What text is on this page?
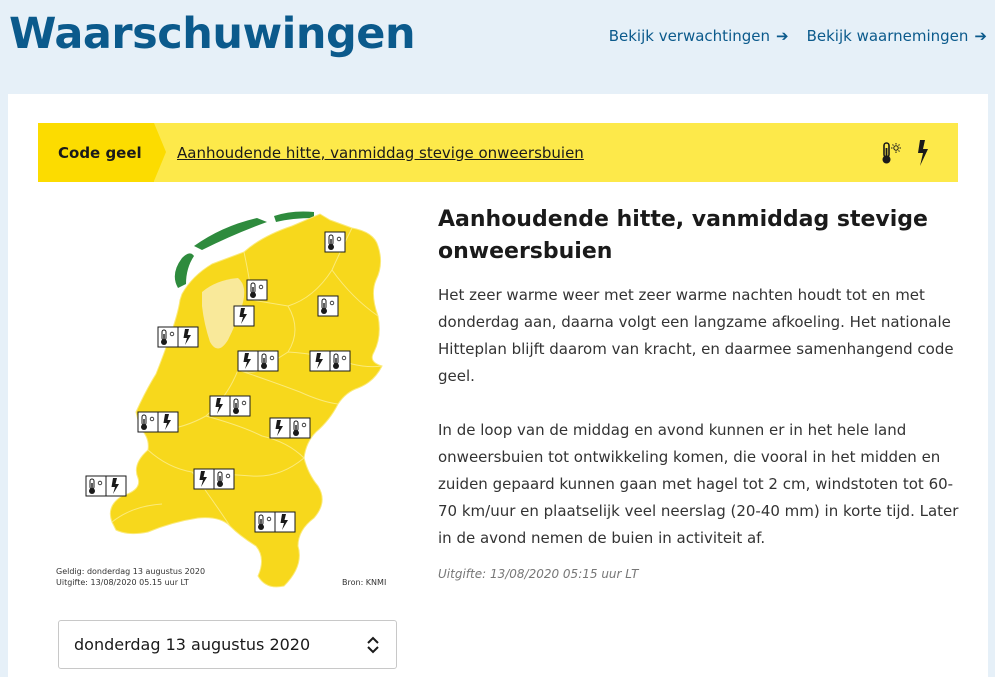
Waarschuwingen	Bekijk verwachtingen ➔ Bekijk waarnemingen ➔
Code geel	Aanhoudende hitte, vanmiddag stevige onweersbuien
Geldig: donderdag 13 augustus 2020
Uitgifte: 13/08/2020 05.15 uur LT	Bron: KNMI
donderdag 13 augustus 2020
Aanhoudende hitte, vanmiddag stevige onweersbuien

Het zeer warme weer met zeer warme nachten houdt tot en met donderdag aan, daarna volgt een langzame afkoeling. Het nationale Hitteplan blijft daarom van kracht, en daarmee samenhangend code geel.

In de loop van de middag en avond kunnen er in het hele land onweersbuien tot ontwikkeling komen, die vooral in het midden en zuiden gepaard kunnen gaan met hagel tot 2 cm, windstoten tot 60-70 km/uur en plaatselijk veel neerslag (20-40 mm) in korte tijd. Later in de avond nemen de buien in activiteit af.

Uitgifte: 13/08/2020 05:15 uur LT
